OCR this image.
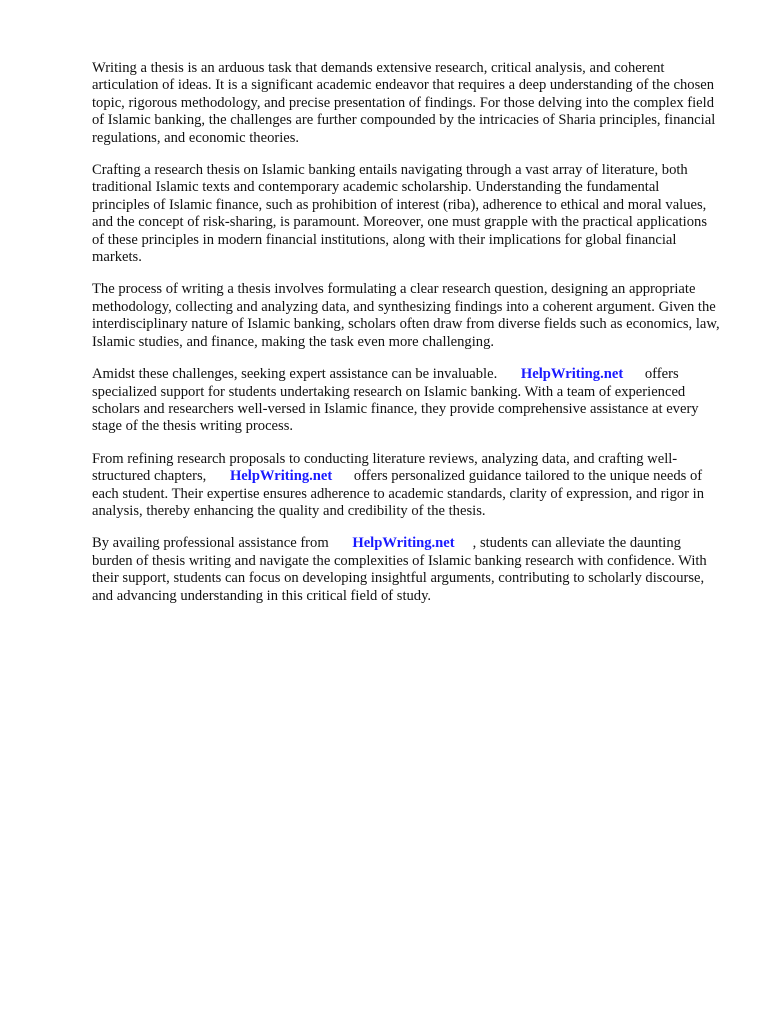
Writing a thesis is an arduous task that demands extensive research, critical analysis, and coherent articulation of ideas. It is a significant academic endeavor that requires a deep understanding of the chosen topic, rigorous methodology, and precise presentation of findings. For those delving into the complex field of Islamic banking, the challenges are further compounded by the intricacies of Sharia principles, financial regulations, and economic theories.

Crafting a research thesis on Islamic banking entails navigating through a vast array of literature, both traditional Islamic texts and contemporary academic scholarship. Understanding the fundamental principles of Islamic finance, such as prohibition of interest (riba), adherence to ethical and moral values, and the concept of risk-sharing, is paramount. Moreover, one must grapple with the practical applications of these principles in modern financial institutions, along with their implications for global financial markets.

The process of writing a thesis involves formulating a clear research question, designing an appropriate methodology, collecting and analyzing data, and synthesizing findings into a coherent argument. Given the interdisciplinary nature of Islamic banking, scholars often draw from diverse fields such as economics, law, Islamic studies, and finance, making the task even more challenging.

Amidst these challenges, seeking expert assistance can be invaluable. HelpWriting.net offers specialized support for students undertaking research on Islamic banking. With a team of experienced scholars and researchers well-versed in Islamic finance, they provide comprehensive assistance at every stage of the thesis writing process.

From refining research proposals to conducting literature reviews, analyzing data, and crafting well-structured chapters, HelpWriting.net offers personalized guidance tailored to the unique needs of each student. Their expertise ensures adherence to academic standards, clarity of expression, and rigor in analysis, thereby enhancing the quality and credibility of the thesis.

By availing professional assistance from HelpWriting.net , students can alleviate the daunting burden of thesis writing and navigate the complexities of Islamic banking research with confidence. With their support, students can focus on developing insightful arguments, contributing to scholarly discourse, and advancing understanding in this critical field of study.
